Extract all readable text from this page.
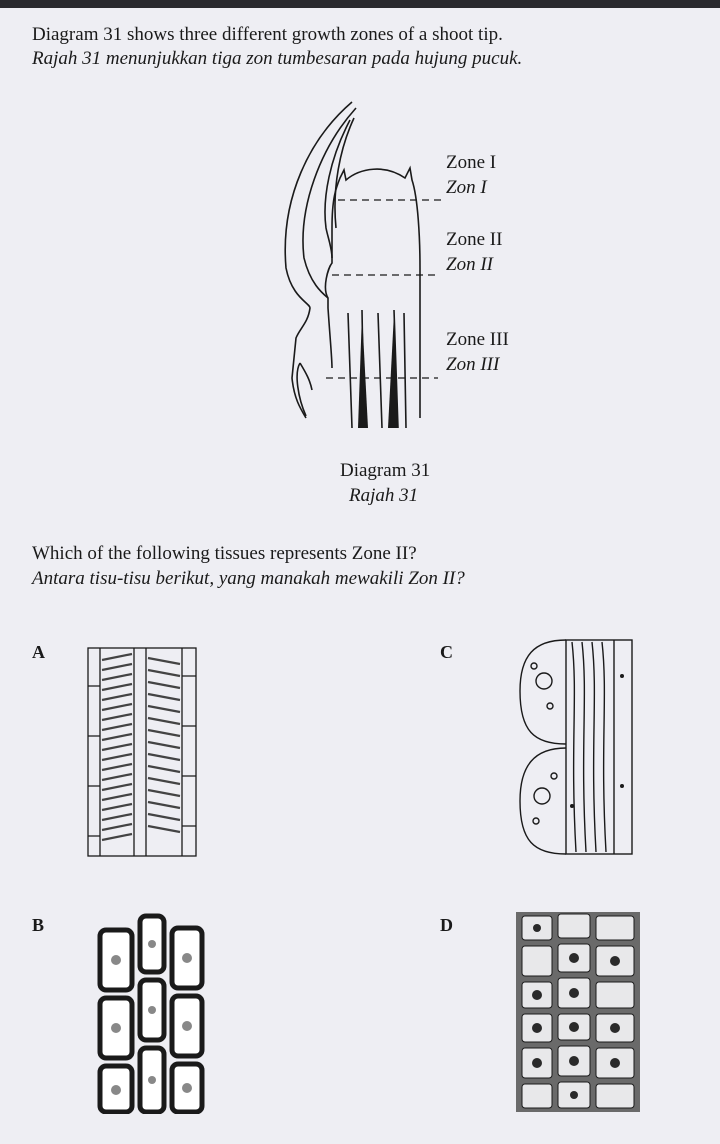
Diagram 31 shows three different growth zones of a shoot tip.
Rajah 31 menunjukkan tiga zon tumbesaran pada hujung pucuk.
Zone I
Zon I
Zone II
Zon II
Zone III
Zon III
Diagram 31
Rajah 31
Which of the following tissues represents Zone II?
Antara tisu-tisu berikut, yang manakah mewakili Zon II?
A	C
B	D
